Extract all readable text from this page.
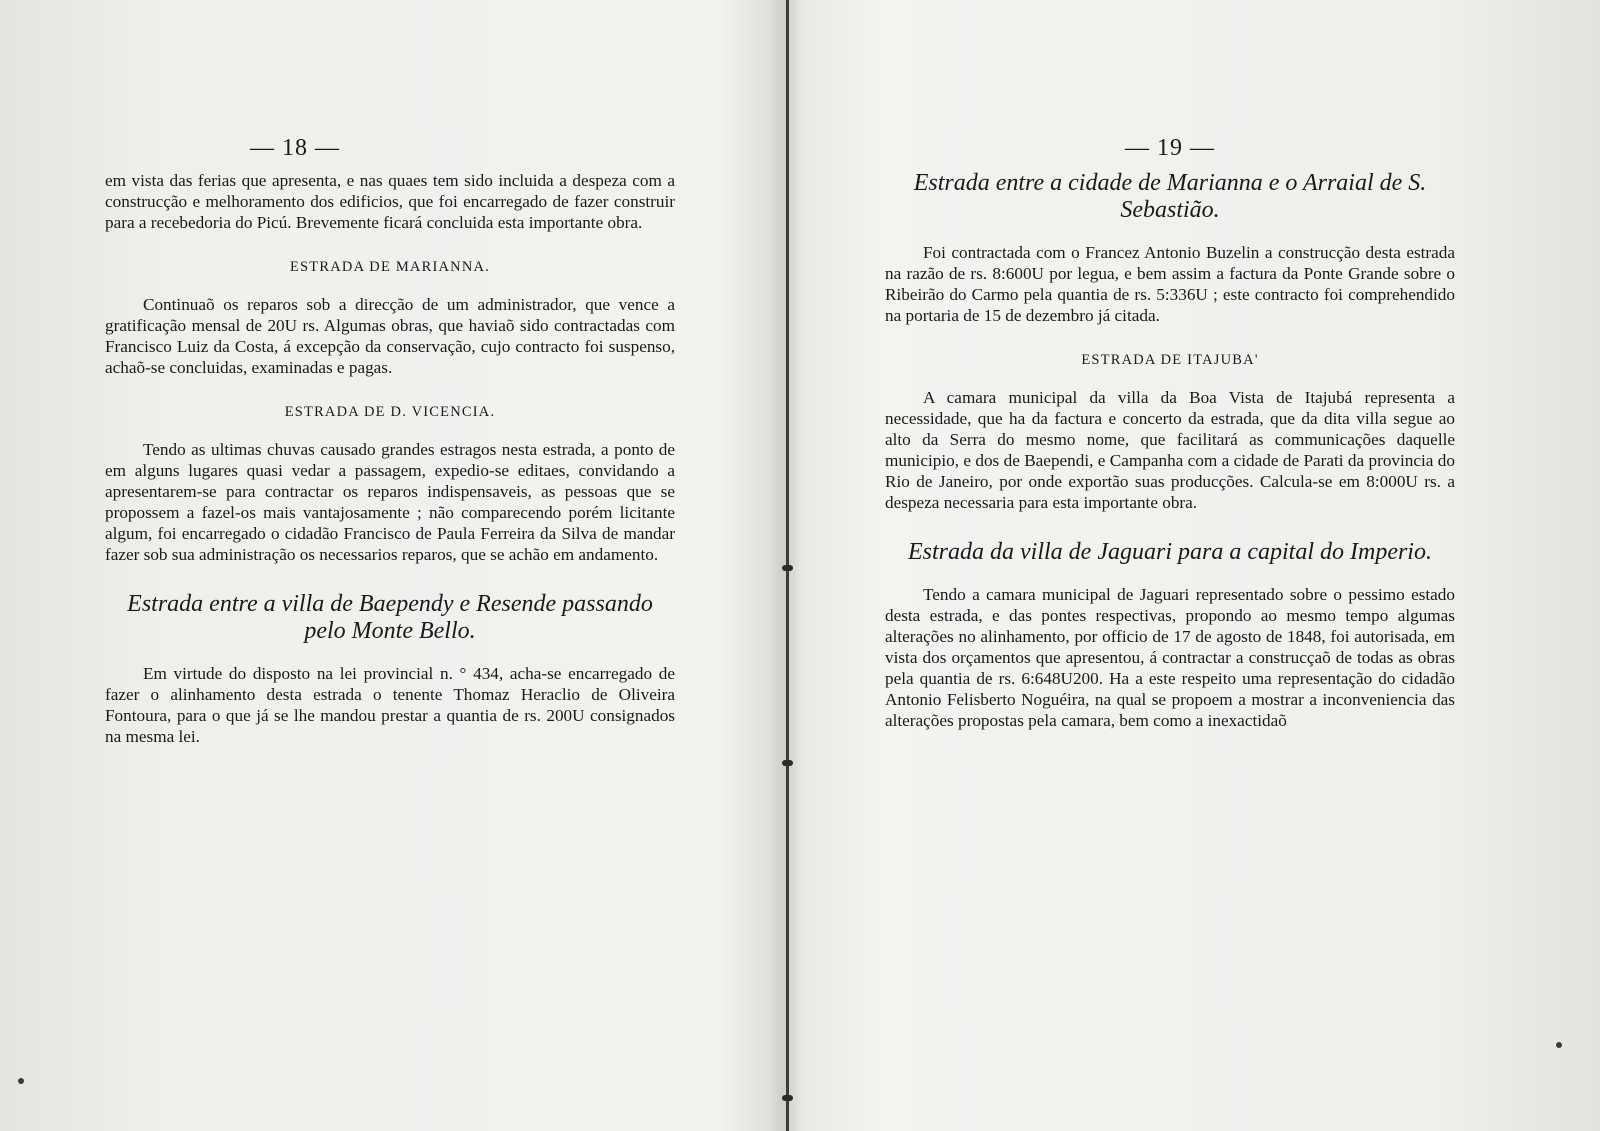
— 18 —

em vista das ferias que apresenta, e nas quaes tem sido incluida a despeza com a construcção e melhoramento dos edificios, que foi encarregado de fazer construir para a recebedoria do Picú. Brevemente ficará concluida esta importante obra.

ESTRADA DE MARIANNA.

Continuaõ os reparos sob a direcção de um administrador, que vence a gratificação mensal de 20U rs. Algumas obras, que haviaõ sido contractadas com Francisco Luiz da Costa, á excepção da conservação, cujo contracto foi suspenso, achaõ-se concluidas, examinadas e pagas.

ESTRADA DE D. VICENCIA.

Tendo as ultimas chuvas causado grandes estragos nesta estrada, a ponto de em alguns lugares quasi vedar a passagem, expedio-se editaes, convidando a apresentarem-se para contractar os reparos indispensaveis, as pessoas que se propossem a fazel-os mais vantajosamente ; não comparecendo porém licitante algum, foi encarregado o cidadão Francisco de Paula Ferreira da Silva de mandar fazer sob sua administração os necessarios reparos, que se achão em andamento.

Estrada entre a villa de Baependy e Resende passando pelo Monte Bello.

Em virtude do disposto na lei provincial n. ° 434, acha-se encarregado de fazer o alinhamento desta estrada o tenente Thomaz Heraclio de Oliveira Fontoura, para o que já se lhe mandou prestar a quantia de rs. 200U consignados na mesma lei.

— 19 —
Estrada entre a cidade de Marianna e o Arraial de S. Sebastião.

Foi contractada com o Francez Antonio Buzelin a construcção desta estrada na razão de rs. 8:600U por legua, e bem assim a factura da Ponte Grande sobre o Ribeirão do Carmo pela quantia de rs. 5:336U ; este contracto foi comprehendido na portaria de 15 de dezembro já citada.

ESTRADA DE ITAJUBA'

A camara municipal da villa da Boa Vista de Itajubá representa a necessidade, que ha da factura e concerto da estrada, que da dita villa segue ao alto da Serra do mesmo nome, que facilitará as communicações daquelle municipio, e dos de Baependi, e Campanha com a cidade de Parati da provincia do Rio de Janeiro, por onde exportão suas producções. Calcula-se em 8:000U rs. a despeza necessaria para esta importante obra.

Estrada da villa de Jaguari para a capital do Imperio.

Tendo a camara municipal de Jaguari representado sobre o pessimo estado desta estrada, e das pontes respectivas, propondo ao mesmo tempo algumas alterações no alinhamento, por officio de 17 de agosto de 1848, foi autorisada, em vista dos orçamentos que apresentou, á contractar a construcçaõ de todas as obras pela quantia de rs. 6:648U200. Ha a este respeito uma representação do cidadão Antonio Felisberto Noguéira, na qual se propoem a mostrar a inconveniencia das alterações propostas pela camara, bem como a inexactidaõ
